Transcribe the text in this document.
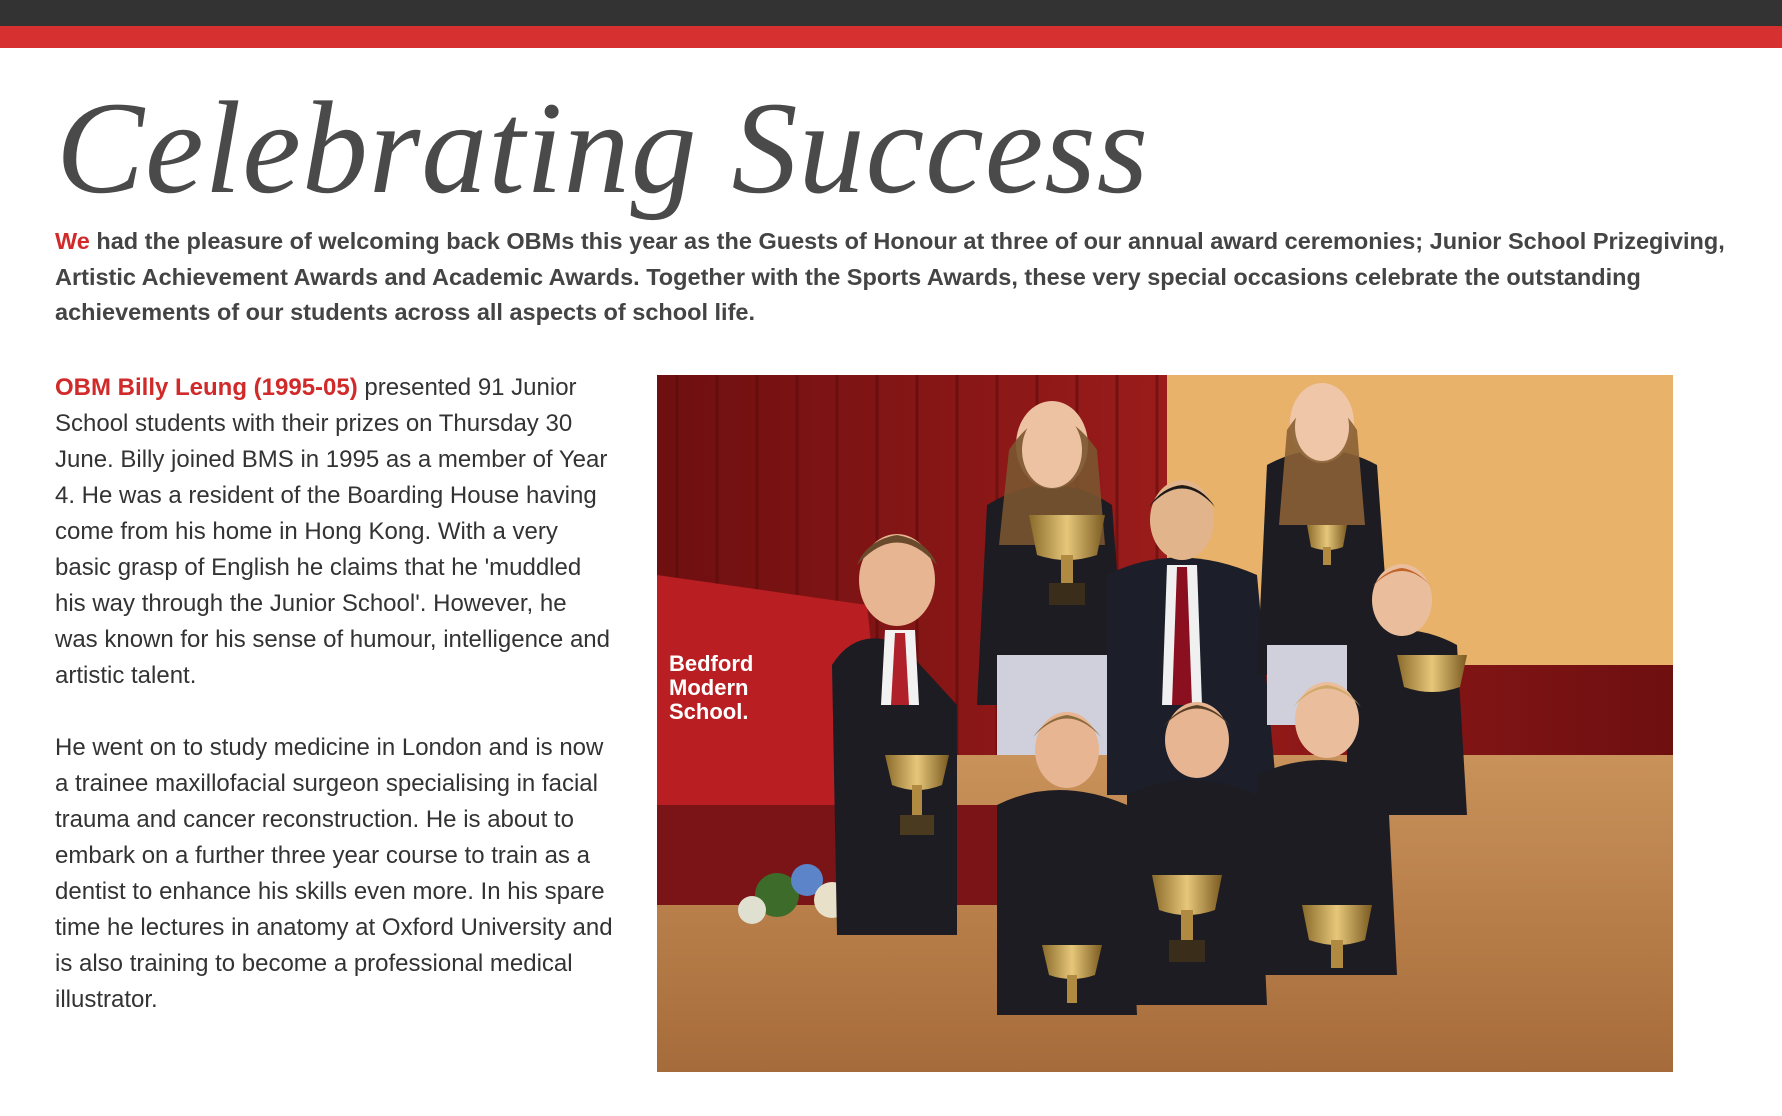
Celebrating Success

We had the pleasure of welcoming back OBMs this year as the Guests of Honour at three of our annual award ceremonies; Junior School Prizegiving, Artistic Achievement Awards and Academic Awards. Together with the Sports Awards, these very special occasions celebrate the outstanding achievements of our students across all aspects of school life.

OBM Billy Leung (1995-05) presented 91 Junior School students with their prizes on Thursday 30 June. Billy joined BMS in 1995 as a member of Year 4. He was a resident of the Boarding House having come from his home in Hong Kong. With a very basic grasp of English he claims that he 'muddled his way through the Junior School'. However, he was known for his sense of humour, intelligence and artistic talent.

He went on to study medicine in London and is now a trainee maxillofacial surgeon specialising in facial trauma and cancer reconstruction. He is about to embark on a further three year course to train as a dentist to enhance his skills even more. In his spare time he lectures in anatomy at Oxford University and is also training to become a professional medical illustrator.

Bedford
Modern
School.
